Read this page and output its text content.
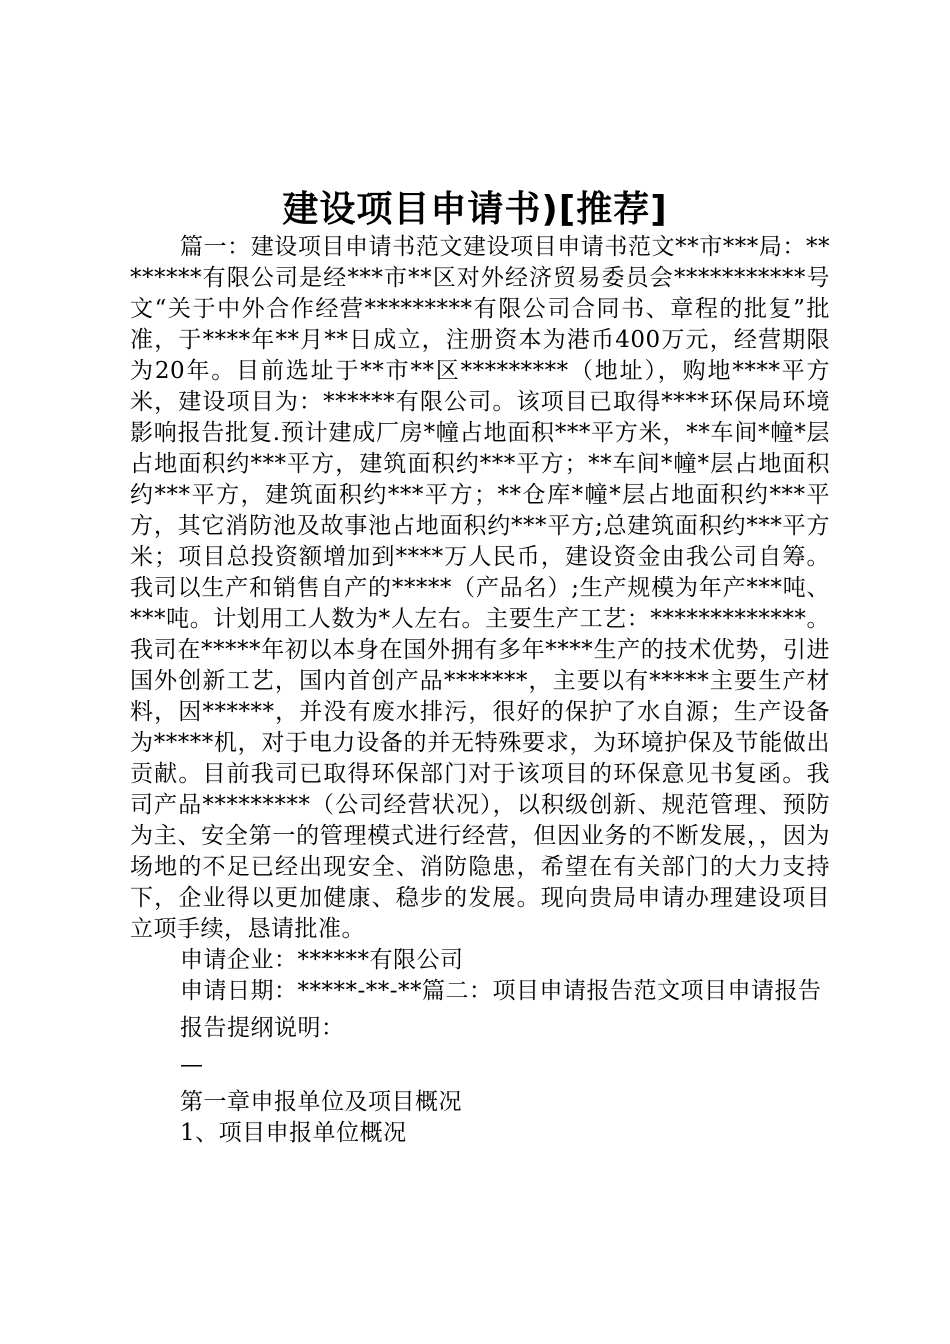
建设项目申请书)[推荐]

篇一：建设项目申请书范文建设项目申请书范文**市***局：********有限公司是经***市**区对外经济贸易委员会***********号文“关于中外合作经营*********有限公司合同书、章程的批复”批准，于****年**月**日成立，注册资本为港币400万元，经营期限为20年。目前选址于**市**区*********（地址），购地****平方米，建设项目为：******有限公司。该项目已取得****环保局环境影响报告批复.预计建成厂房*幢占地面积***平方米，**车间*幢*层占地面积约***平方，建筑面积约***平方；**车间*幢*层占地面积约***平方，建筑面积约***平方；**仓库*幢*层占地面积约***平方，其它消防池及故事池占地面积约***平方;总建筑面积约***平方米；项目总投资额增加到****万人民币，建设资金由我公司自筹。我司以生产和销售自产的*****（产品名）;生产规模为年产***吨、***吨。计划用工人数为*人左右。主要生产工艺：*************。我司在*****年初以本身在国外拥有多年****生产的技术优势，引进国外创新工艺，国内首创产品*******，主要以有*****主要生产材料，因******，并没有废水排污，很好的保护了水自源；生产设备为*****机，对于电力设备的并无特殊要求，为环境护保及节能做出贡献。目前我司已取得环保部门对于该项目的环保意见书复函。我司产品*********（公司经营状况），以积级创新、规范管理、预防为主、安全第一的管理模式进行经营，但因业务的不断发展，，因为场地的不足已经出现安全、消防隐患，希望在有关部门的大力支持下，企业得以更加健康、稳步的发展。现向贵局申请办理建设项目立项手续，恳请批准。

申请企业：******有限公司

申请日期：*****-**-**篇二：项目申请报告范文项目申请报告

报告提纲说明：

—

第一章申报单位及项目概况

1、项目申报单位概况
